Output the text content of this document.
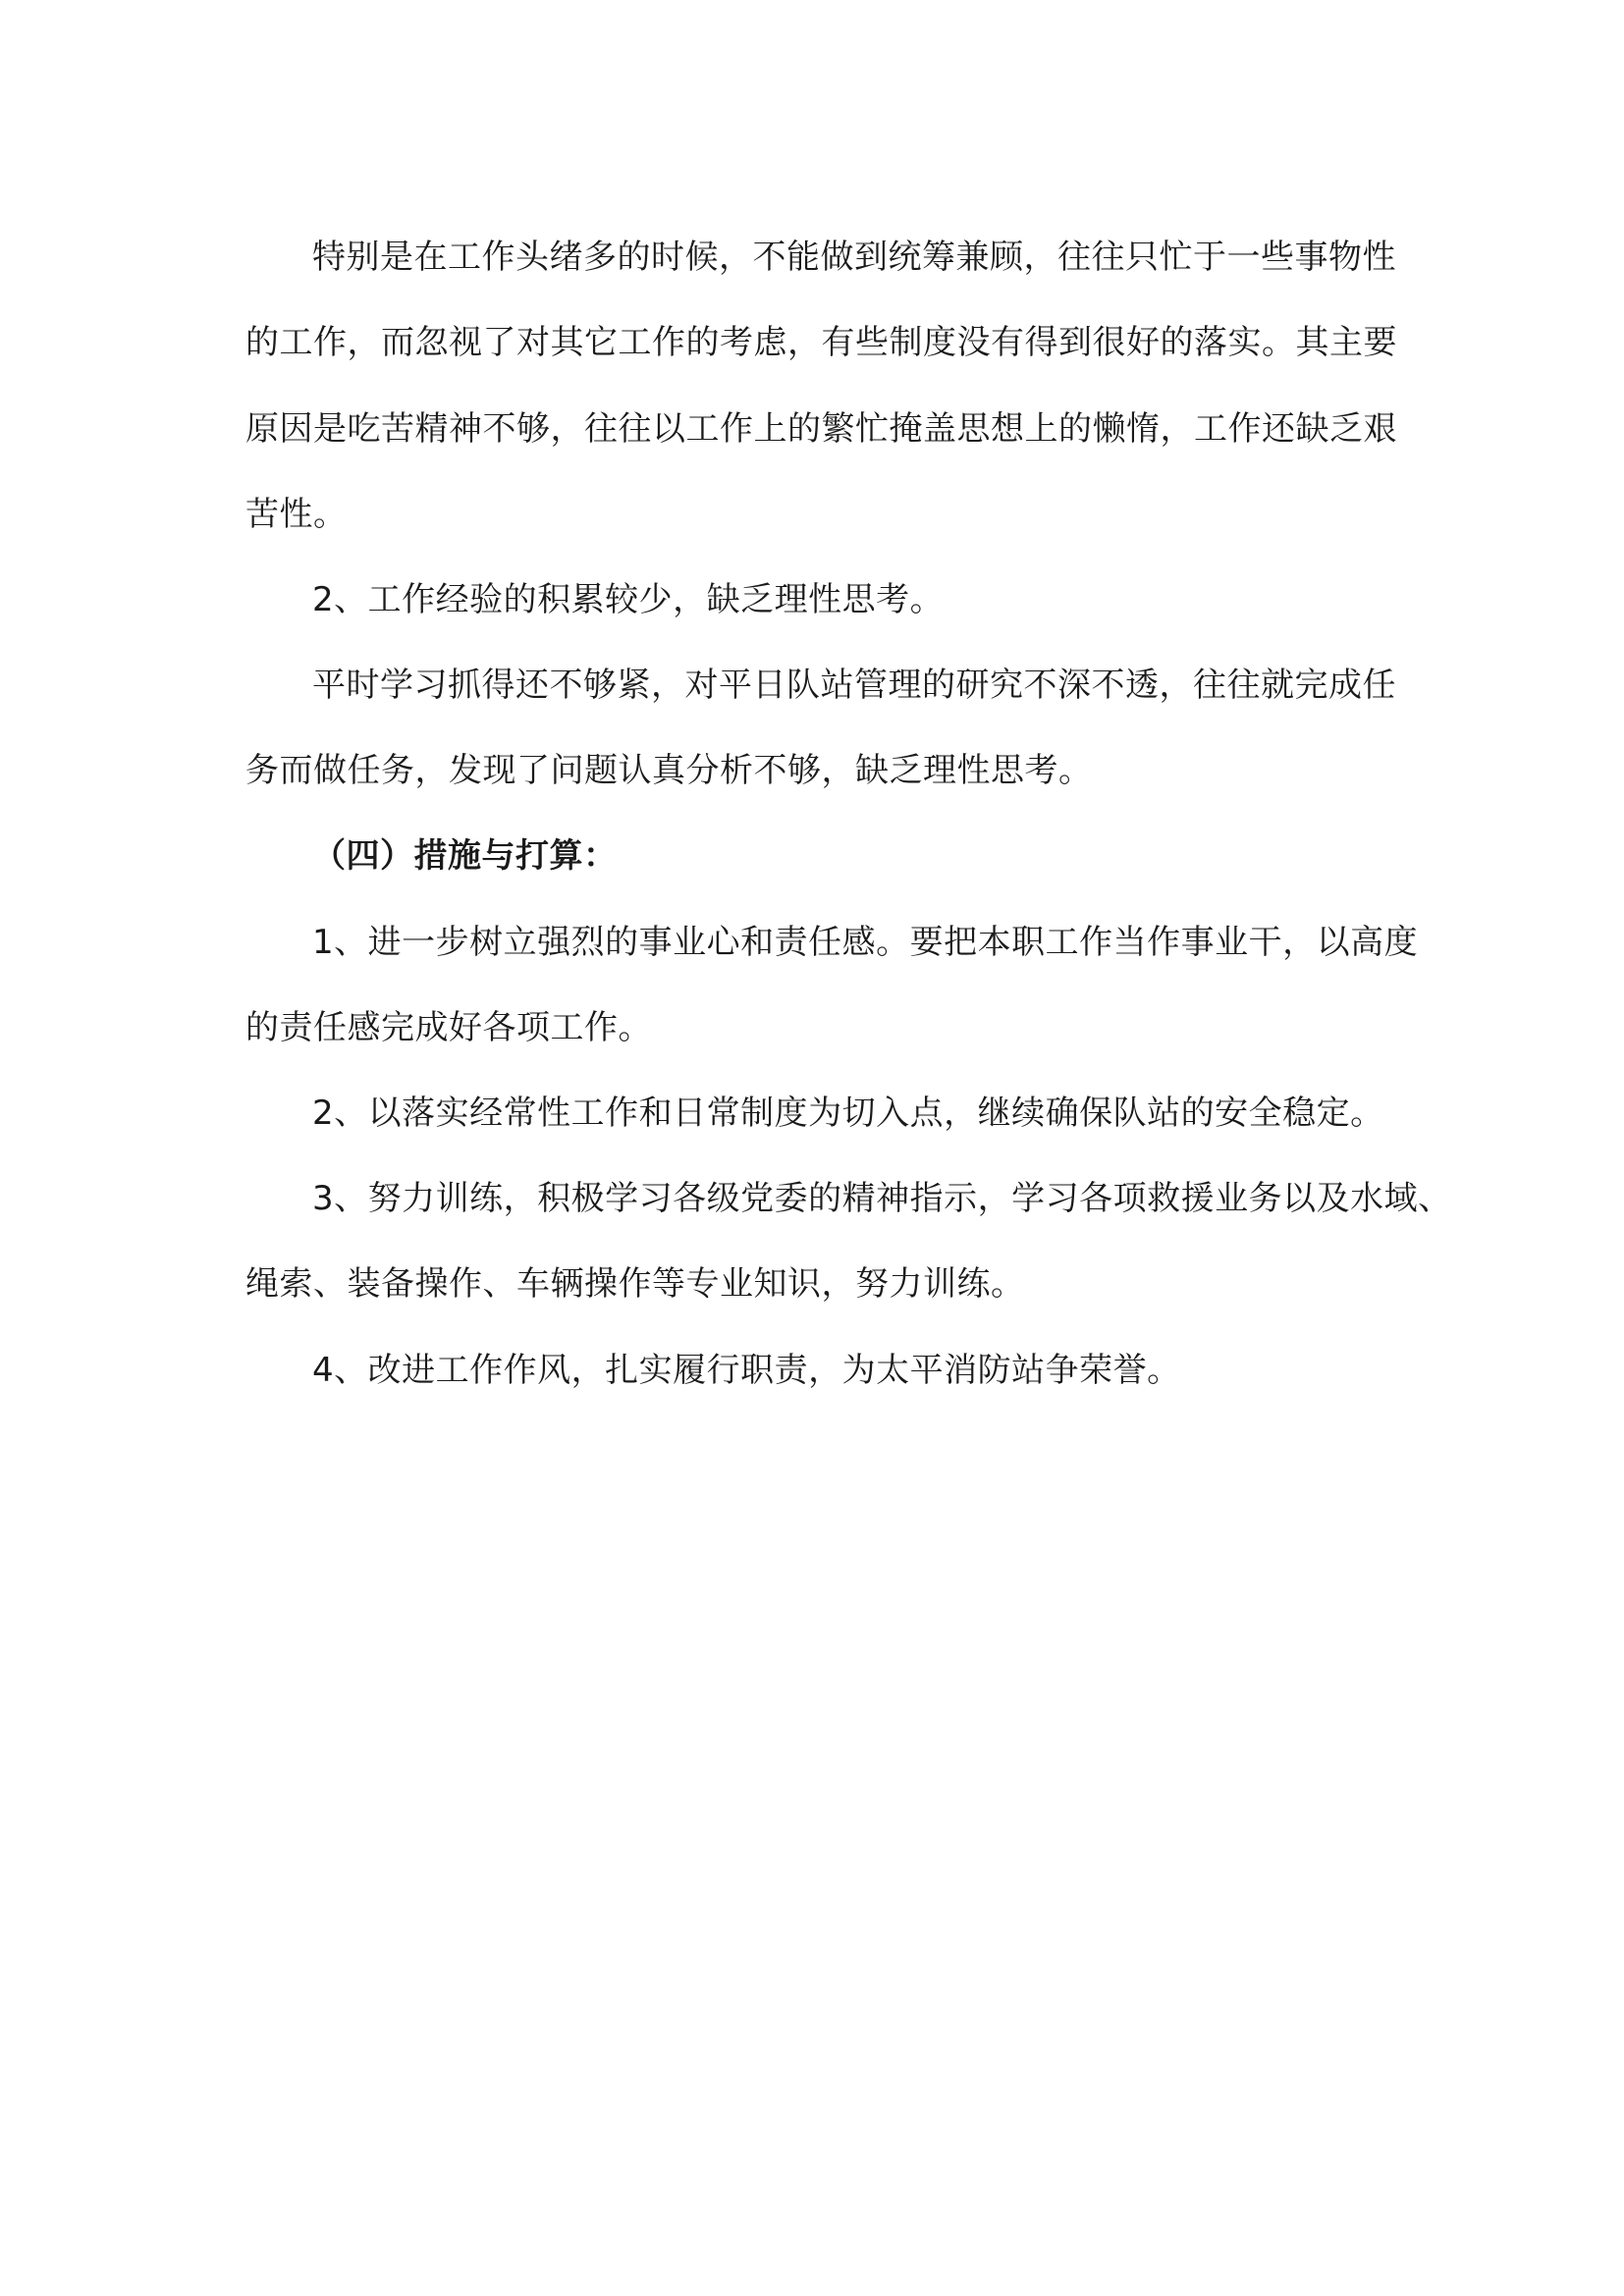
特别是在工作头绪多的时候，不能做到统筹兼顾，往往只忙于一些事物性

的工作，而忽视了对其它工作的考虑，有些制度没有得到很好的落实。其主要

原因是吃苦精神不够，往往以工作上的繁忙掩盖思想上的懒惰，工作还缺乏艰

苦性。

2、工作经验的积累较少，缺乏理性思考。

平时学习抓得还不够紧，对平日队站管理的研究不深不透，往往就完成任

务而做任务，发现了问题认真分析不够，缺乏理性思考。

（四）措施与打算：

1、进一步树立强烈的事业心和责任感。要把本职工作当作事业干，以高度

的责任感完成好各项工作。

2、以落实经常性工作和日常制度为切入点，继续确保队站的安全稳定。

3、努力训练，积极学习各级党委的精神指示，学习各项救援业务以及水域、

绳索、装备操作、车辆操作等专业知识，努力训练。

4、改进工作作风，扎实履行职责，为太平消防站争荣誉。
